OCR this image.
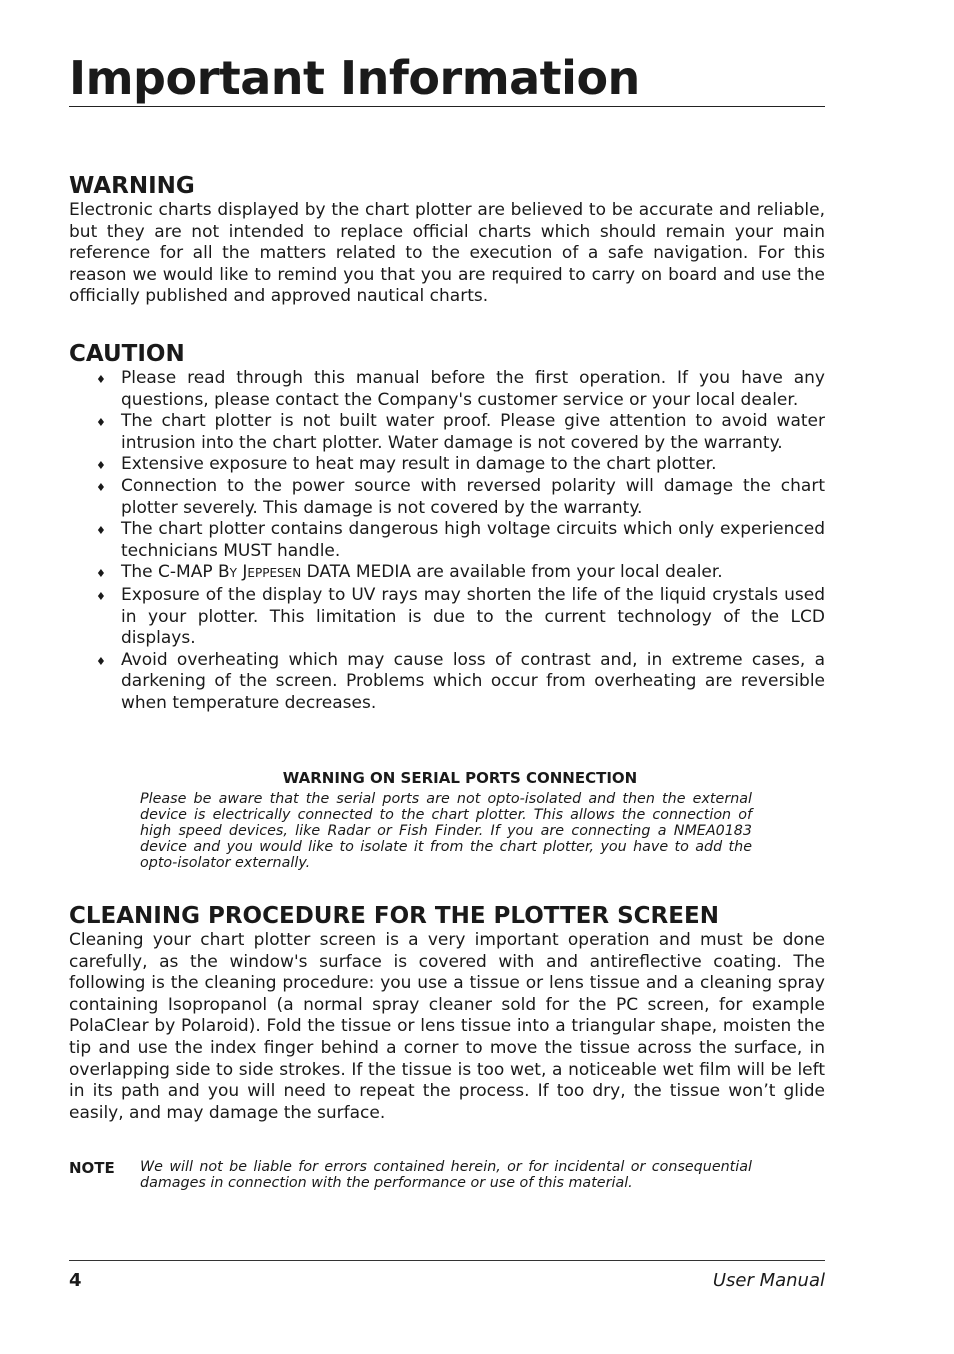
Important Information
WARNING

Electronic charts displayed by the chart plotter are believed to be accurate and reliable, but they are not intended to replace official charts which should remain your main reference for all the matters related to the execution of a safe navigation. For this reason we would like to remind you that you are required to carry on board and use the officially published and approved nautical charts.

CAUTION
♦ Please read through this manual before the first operation. If you have any questions, please contact the Company's customer service or your local dealer.
♦ The chart plotter is not built water proof. Please give attention to avoid water intrusion into the chart plotter. Water damage is not covered by the warranty.
♦ Extensive exposure to heat may result in damage to the chart plotter.
♦ Connection to the power source with reversed polarity will damage the chart plotter severely. This damage is not covered by the warranty.
♦ The chart plotter contains dangerous high voltage circuits which only experienced technicians MUST handle.
♦ The C-MAP BY JEPPESEN DATA MEDIA are available from your local dealer.
♦ Exposure of the display to UV rays may shorten the life of the liquid crystals used in your plotter. This limitation is due to the current technology of the LCD displays.
♦ Avoid overheating which may cause loss of contrast and, in extreme cases, a darkening of the screen. Problems which occur from overheating are reversible when temperature decreases.
WARNING ON SERIAL PORTS CONNECTION

Please be aware that the serial ports are not opto-isolated and then the external device is electrically connected to the chart plotter. This allows the connection of high speed devices, like Radar or Fish Finder. If you are connecting a NMEA0183 device and you would like to isolate it from the chart plotter, you have to add the opto-isolator externally.

CLEANING PROCEDURE FOR THE PLOTTER SCREEN

Cleaning your chart plotter screen is a very important operation and must be done carefully, as the window's surface is covered with and antireflective coating. The following is the cleaning procedure: you use a tissue or lens tissue and a cleaning spray containing Isopropanol (a normal spray cleaner sold for the PC screen, for example PolaClear by Polaroid). Fold the tissue or lens tissue into a triangular shape, moisten the tip and use the index finger behind a corner to move the tissue across the surface, in overlapping side to side strokes. If the tissue is too wet, a noticeable wet film will be left in its path and you will need to repeat the process. If too dry, the tissue won’t glide easily, and may damage the surface.

NOTE We will not be liable for errors contained herein, or for incidental or consequential damages in connection with the performance or use of this material.

4	User Manual
